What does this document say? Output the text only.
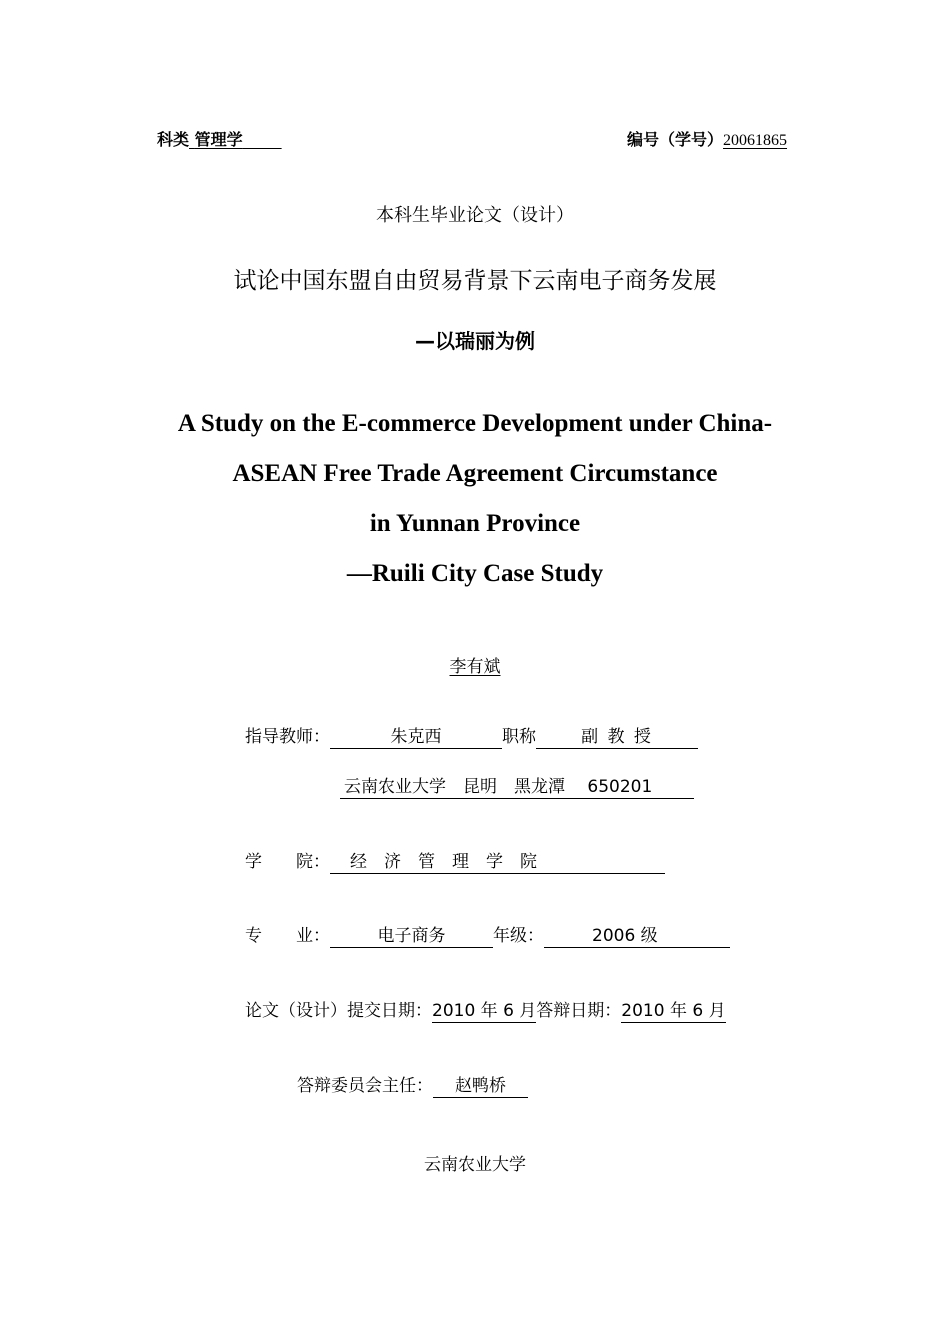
科类 管理学	编号（学号）20061865
本科生毕业论文（设计）
试论中国东盟自由贸易背景下云南电子商务发展
—以瑞丽为例
A Study on the E-commerce Development under China-
ASEAN Free Trade Agreement Circumstance
in Yunnan Province
—Ruili City Case Study
李有斌
指导教师：	朱克西	职称	副 教 授
云南农业大学　昆明　黑龙潭　 650201
学　　院： 经　济　管　理　学　院
专　　业：	电子商务	年级：	2006 级
论文（设计）提交日期：2010 年 6 月答辩日期：2010 年 6 月
答辩委员会主任： 赵鸭桥
云南农业大学
